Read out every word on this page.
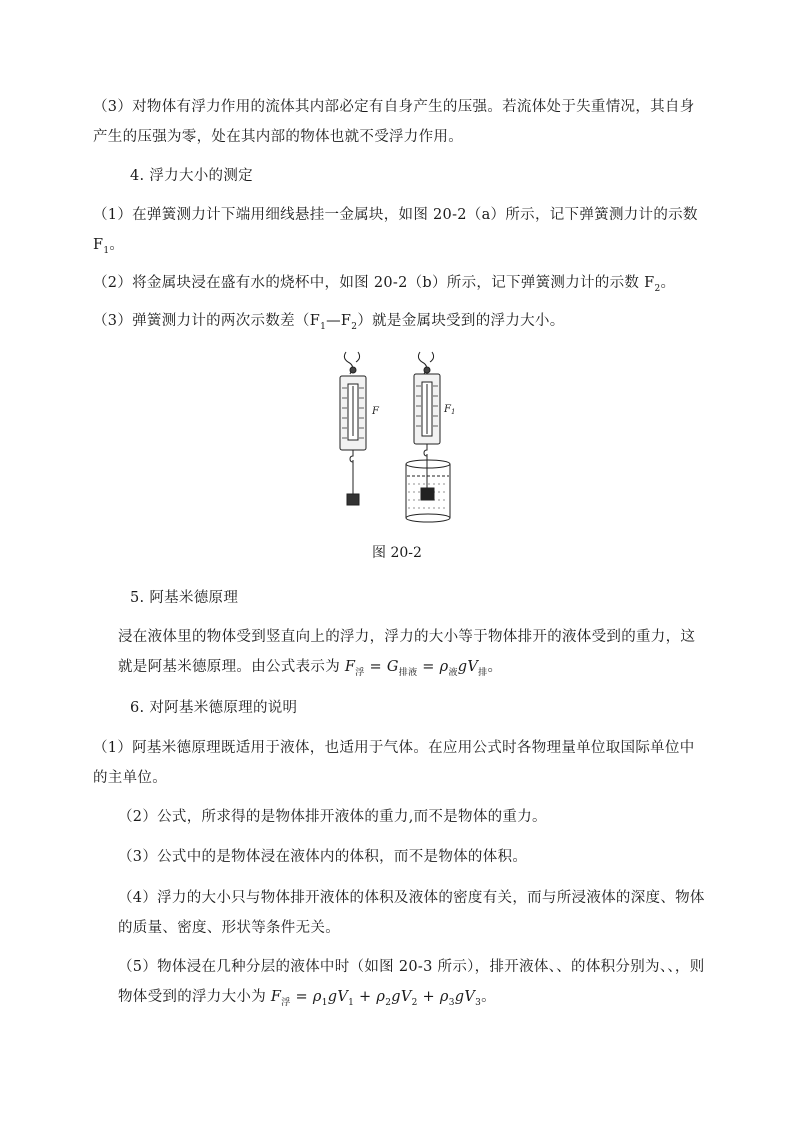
（3）对物体有浮力作用的流体其内部必定有自身产生的压强。若流体处于失重情况，其自身产生的压强为零，处在其内部的物体也就不受浮力作用。

4. 浮力大小的测定

（1）在弹簧测力计下端用细线悬挂一金属块，如图 20-2（a）所示，记下弹簧测力计的示数$F_1$。

（2）将金属块浸在盛有水的烧杯中，如图 20-2（b）所示，记下弹簧测力计的示数 $F_2$。

（3）弹簧测力计的两次示数差$(F_1—F_2)$就是金属块受到的浮力大小。

F	$F_1$
图 20-2

5. 阿基米德原理

浸在液体里的物体受到竖直向上的浮力，浮力的大小等于物体排开的液体受到的重力，这就是阿基米德原理。由公式表示为 $F_浮 = G_{排液} = \rho_液gV_排$。

6. 对阿基米德原理的说明

（1）阿基米德原理既适用于液体，也适用于气体。在应用公式时各物理量单位取国际单位中的主单位。

（2）公式，所求得的是物体排开液体的重力,而不是物体的重力。

（3）公式中的是物体浸在液体内的体积，而不是物体的体积。

（4）浮力的大小只与物体排开液体的体积及液体的密度有关，而与所浸液体的深度、物体的质量、密度、形状等条件无关。

（5）物体浸在几种分层的液体中时（如图 20-3 所示），排开液体、、的体积分别为、、，则物体受到的浮力大小为 $F_浮 = \rho_1gV_1 + \rho_2gV_2 + \rho_3gV_3$。
